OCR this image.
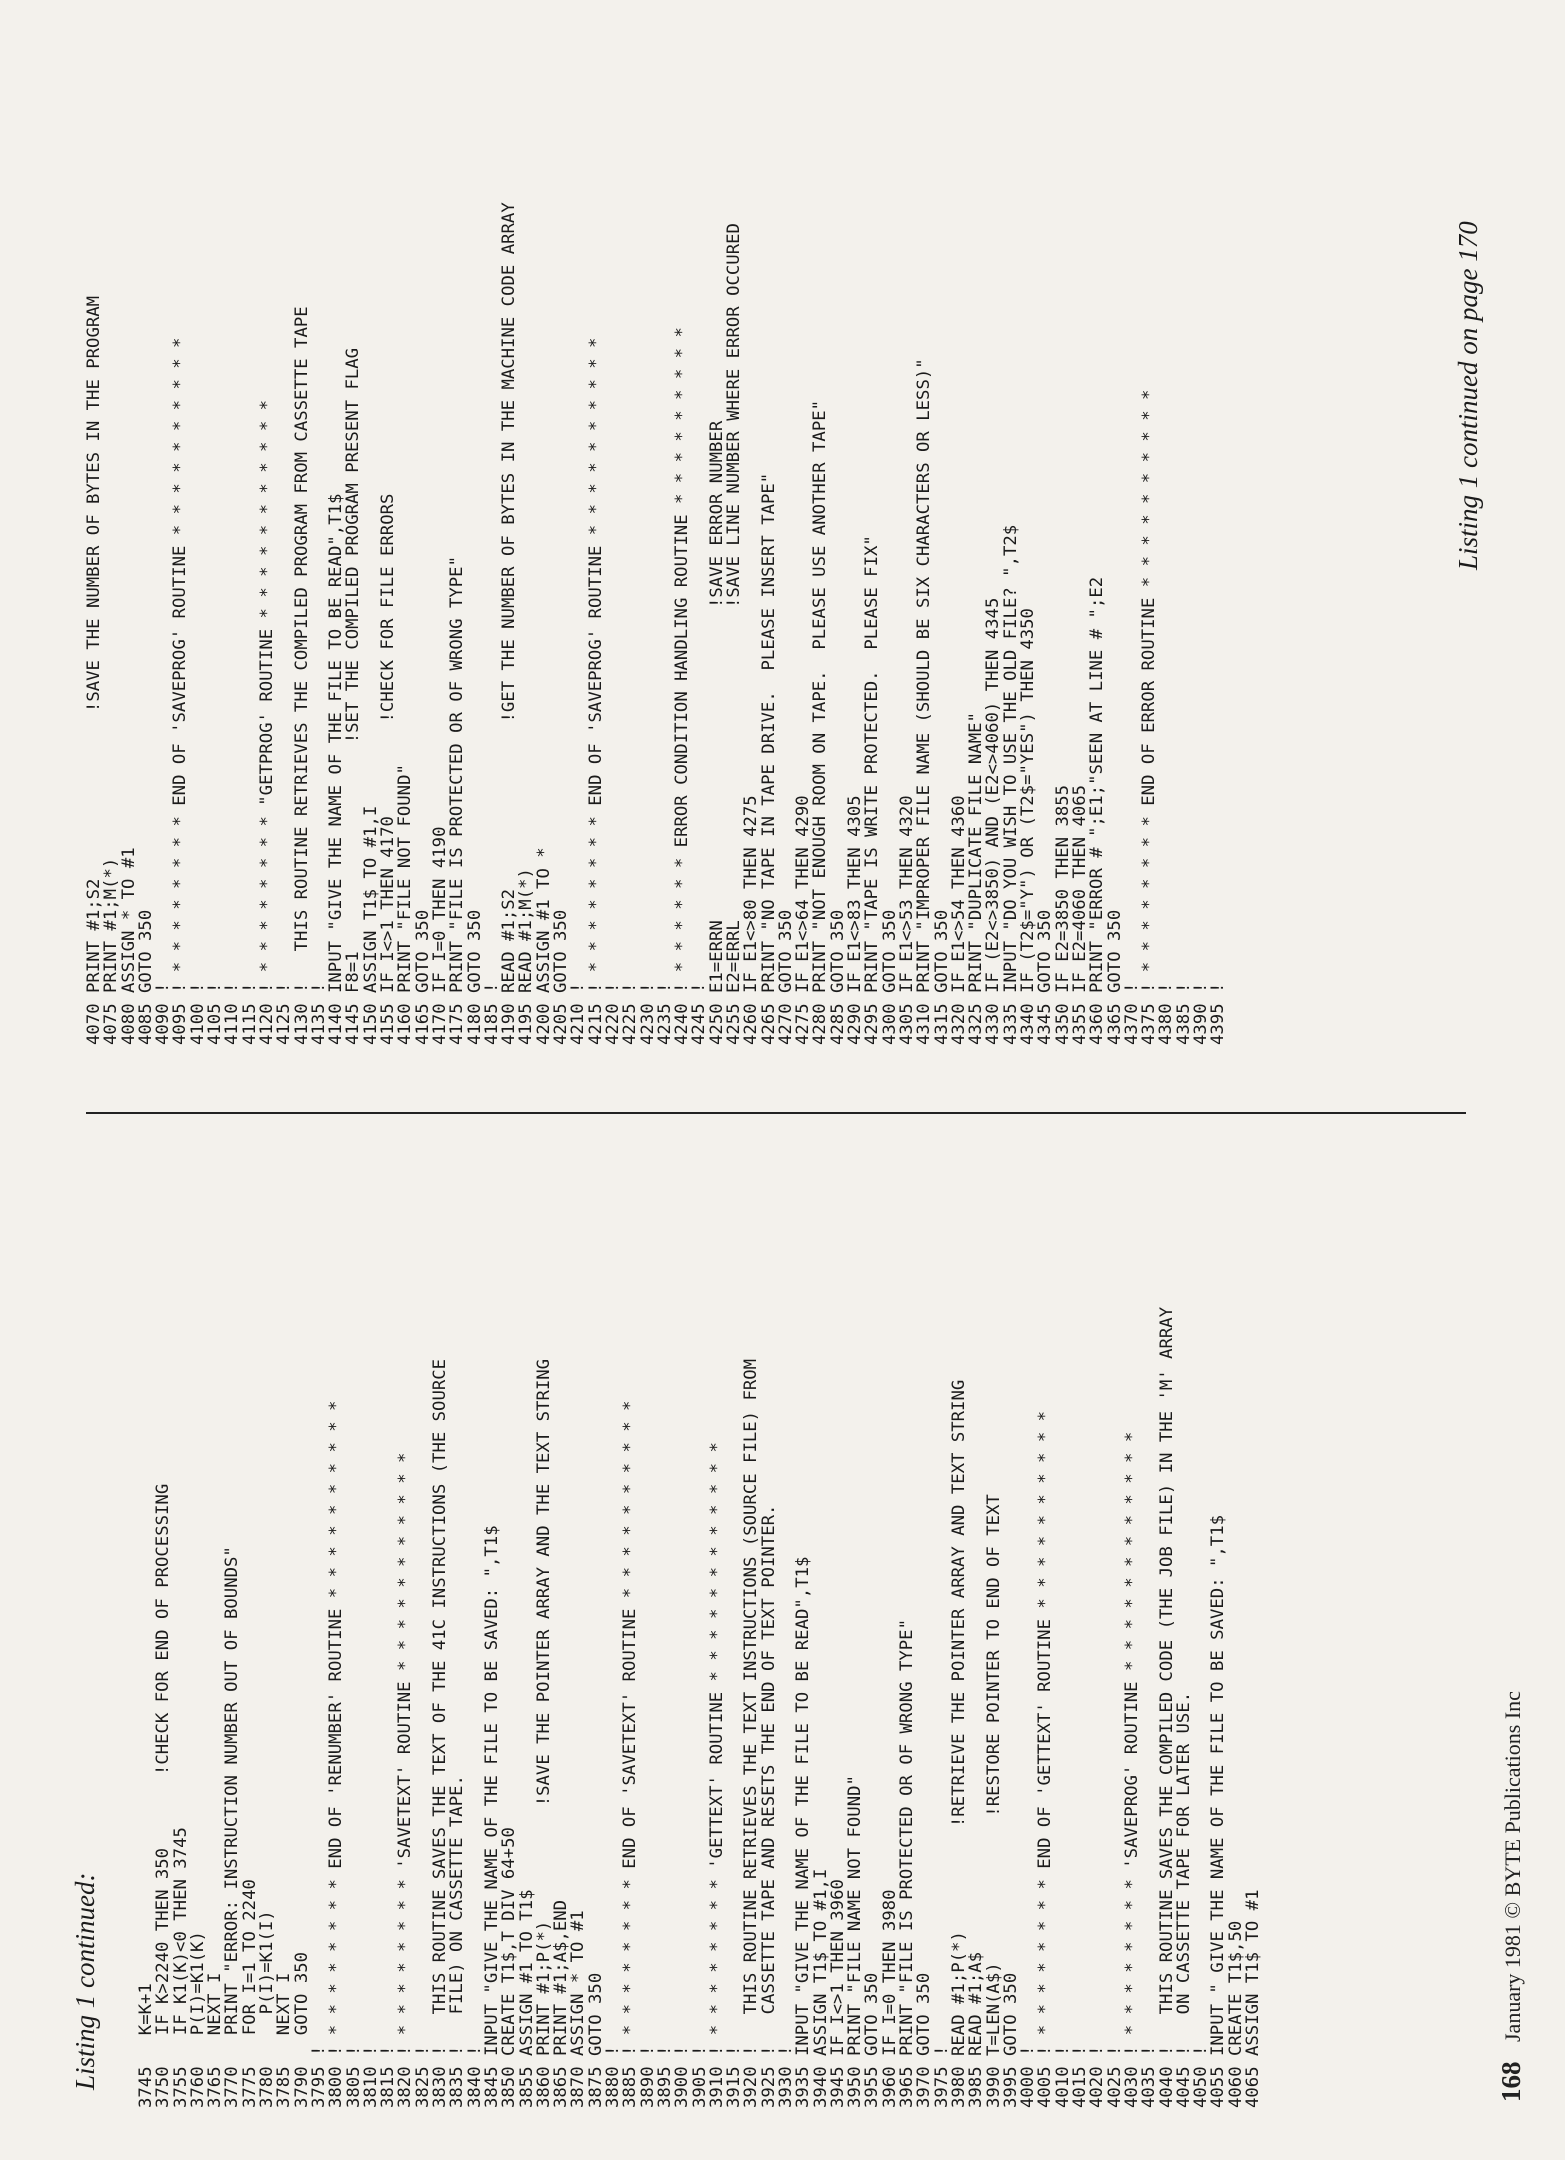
Listing 1 continued: 3745  K=K+1
3750  IF K>2240 THEN 350       !CHECK FOR END OF PROCESSING
3755  IF K1(K)<0 THEN 3745
3760  P(I)=K1(K)
3765  NEXT I
3770  PRINT "ERROR: INSTRUCTION NUMBER OUT OF BOUNDS"
3775  FOR I=1 TO 2240
3780    P(I)=K1(I)
3785  NEXT I
3790  GOTO 350
3795!
3800! * * * * * * * * END OF 'RENUMBER' ROUTINE * * * * * * * * * *
3805!
3810!
3815!
3820! * * * * * * * * 'SAVETEXT' ROUTINE * * * * * * * * * * *
3825!
3830!   THIS ROUTINE SAVES THE TEXT OF THE 41C INSTRUCTIONS (THE SOURCE
3835!   FILE) ON CASSETTE TAPE.
3840!
3845INPUT "GIVE THE NAME OF THE FILE TO BE SAVED: ",T1$
3850CREATE T1$,T DIV 64+50
3855ASSIGN #1 TO T1$
3860PRINT #1;P(*)           !SAVE THE POINTER ARRAY AND THE TEXT STRING
3865PRINT #1;A$,END
3870ASSIGN * TO #1
3875GOTO 350
3880!
3885! * * * * * * * * END OF 'SAVETEXT' ROUTINE * * * * * * * * * *
3890!
3895!
3900!
3905!
3910! * * * * * * * * 'GETTEXT' ROUTINE * * * * * * * * * * * *
3915!
3920!   THIS ROUTINE RETRIEVES THE TEXT INSTRUCTIONS (SOURCE FILE) FROM
3925!   CASSETTE TAPE AND RESETS THE END OF TEXT POINTER.
3930!
3935INPUT "GIVE THE NAME OF THE FILE TO BE READ",T1$
3940ASSIGN T1$ TO #1,I
3945IF I<>1 THEN 3960
3950PRINT "FILE NAME NOT FOUND"
3955GOTO 350
3960IF I=0 THEN 3980
3965PRINT "FILE IS PROTECTED OR OF WRONG TYPE"
3970GOTO 350
3975!
3980READ #1;P(*)          !RETRIEVE THE POINTER ARRAY AND TEXT STRING
3985READ #1;A$
3990T=LEN(A$)              !RESTORE POINTER TO END OF TEXT
3995GOTO 350
4000!
4005! * * * * * * * * END OF 'GETTEXT' ROUTINE * * * * * * * * * *
4010!
4015!
4020!
4025!
4030! * * * * * * * * 'SAVEPROG' ROUTINE * * * * * * * * * * * *
4035!
4040!   THIS ROUTINE SAVES THE COMPILED CODE (THE JOB FILE) IN THE 'M' ARRAY
4045!   ON CASSETTE TAPE FOR LATER USE.
4050!
4055INPUT " GIVE THE NAME OF THE FILE TO BE SAVED: ",T1$
4060CREATE T1$,50
4065ASSIGN T1$ TO #1
4070PRINT #1;S2                !SAVE THE NUMBER OF BYTES IN THE PROGRAM
4075PRINT #1;M(*)
4080ASSIGN * TO #1
4085GOTO 350
4090!
4095! * * * * * * * * END OF 'SAVEPROG' ROUTINE * * * * * * * * * *
4100!
4105!
4110!
4115!
4120! * * * * * * * * "GETPROG' ROUTINE * * * * * * * * * * *
4125!
4130!   THIS ROUTINE RETRIEVES THE COMPILED PROGRAM FROM CASSETTE TAPE
4135!
4140INPUT "GIVE THE NAME OF THE FILE TO BE READ",T1$
4145F8=1                    !SET THE COMPILED PROGRAM PRESENT FLAG
4150ASSIGN T1$ TO #1,I
4155IF I<>1 THEN 4170         !CHECK FOR FILE ERRORS
4160PRINT "FILE NOT FOUND"
4165GOTO 350
4170IF I=0 THEN 4190
4175PRINT "FILE IS PROTECTED OR OF WRONG TYPE"
4180GOTO 350
4185!
4190READ #1;S2                !GET THE NUMBER OF BYTES IN THE MACHINE CODE ARRAY
4195READ #1;M(*)
4200ASSIGN #1 TO *
4205GOTO 350
4210!
4215! * * * * * * * * END OF 'SAVEPROG' ROUTINE * * * * * * * * * *
4220!
4225!
4230!
4235!
4240! * * * * * * ERROR CONDITION HANDLING ROUTINE * * * * * * * * *
4245!
4250E1=ERRN                              !SAVE ERROR NUMBER
4255E2=ERRL                              !SAVE LINE NUMBER WHERE ERROR OCCURED
4260IF E1<>80 THEN 4275
4265PRINT "NO TAPE IN TAPE DRIVE.  PLEASE INSERT TAPE"
4270GOTO 350
4275IF E1<>64 THEN 4290
4280PRINT "NOT ENOUGH ROOM ON TAPE.  PLEASE USE ANOTHER TAPE"
4285GOTO 350
4290IF E1<>83 THEN 4305
4295PRINT "TAPE IS WRITE PROTECTED.  PLEASE FIX"
4300GOTO 350
4305IF E1<>53 THEN 4320
4310PRINT "IMPROPER FILE NAME (SHOULD BE SIX CHARACTERS OR LESS)"
4315GOTO 350
4320IF E1<>54 THEN 4360
4325PRINT "DUPLICATE FILE NAME"
4330IF (E2<>3850) AND (E2<>4060) THEN 4345
4335INPUT "DO YOU WISH TO USE THE OLD FILE? ",T2$
4340IF (T2$="Y") OR (T2$="YES") THEN 4350
4345GOTO 350
4350IF E2=3850 THEN 3855
4355IF E2=4060 THEN 4065
4360PRINT "ERROR # ";E1;"SEEN AT LINE # ";E2
4365GOTO 350
4370!
4375! * * * * * * * * END OF ERROR ROUTINE * * * * * * * * * *
4380!
4385!
4390!
4395!
Listing 1 continued on page 170
168 January 1981 © BYTE Publications Inc
